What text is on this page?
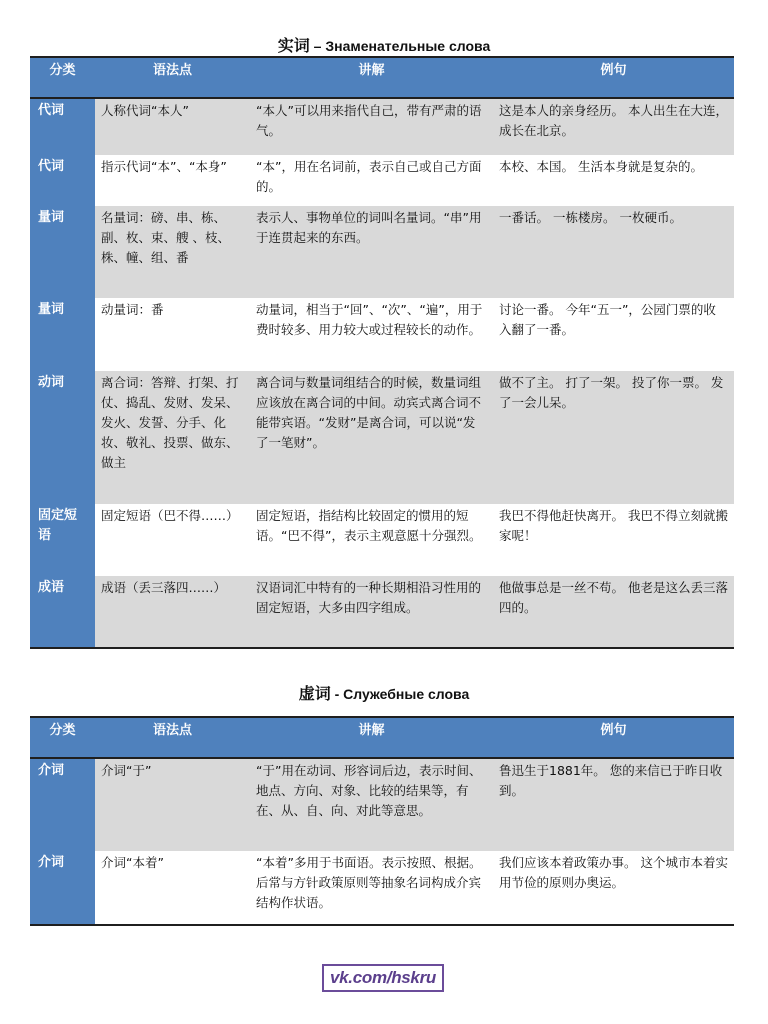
实词 – Знаменательные слова
分类	语法点	讲解	例句
代词	人称代词“本人”	“本人”可以用来指代自己，带有严肃的语气。	这是本人的亲身经历。 本人出生在大连，成长在北京。
代词	指示代词“本”、“本身”	“本”，用在名词前，表示自己或自己方面的。	本校、本国。 生活本身就是复杂的。
量词	名量词：磅、串、栋、副、枚、束、艘 、枝、株、幢、组、番	表示人、事物单位的词叫名量词。“串”用于连贯起来的东西。	一番话。 一栋楼房。 一枚硬币。
量词	动量词：番	动量词，相当于“回”、“次”、“遍”，用于费时较多、用力较大或过程较长的动作。	讨论一番。 今年“五一”，公园门票的收入翻了一番。
动词	离合词：答辩、打架、打仗、捣乱、发财、发呆、发火、发誓、分手、化妆、敬礼、投票、做东、做主	离合词与数量词组结合的时候，数量词组应该放在离合词的中间。动宾式离合词不能带宾语。“发财”是离合词，可以说“发了一笔财”。	做不了主。 打了一架。 投了你一票。 发了一会儿呆。
固定短语	固定短语（巴不得……）	固定短语，指结构比较固定的惯用的短语。“巴不得”，表示主观意愿十分强烈。	我巴不得他赶快离开。 我巴不得立刻就搬家呢！
成语	成语（丢三落四……）	汉语词汇中特有的一种长期相沿习性用的固定短语，大多由四字组成。	他做事总是一丝不苟。 他老是这么丢三落四的。
虚词 - Служебные слова
分类	语法点	讲解	例句
介词	介词“于”	“于”用在动词、形容词后边，表示时间、地点、方向、对象、比较的结果等，有在、从、自、向、对此等意思。	鲁迅生于1881年。 您的来信已于昨日收到。
介词	介词“本着”	“本着”多用于书面语。表示按照、根据。后常与方针政策原则等抽象名词构成介宾结构作状语。	我们应该本着政策办事。 这个城市本着实用节俭的原则办奥运。
vk.com/hskru
